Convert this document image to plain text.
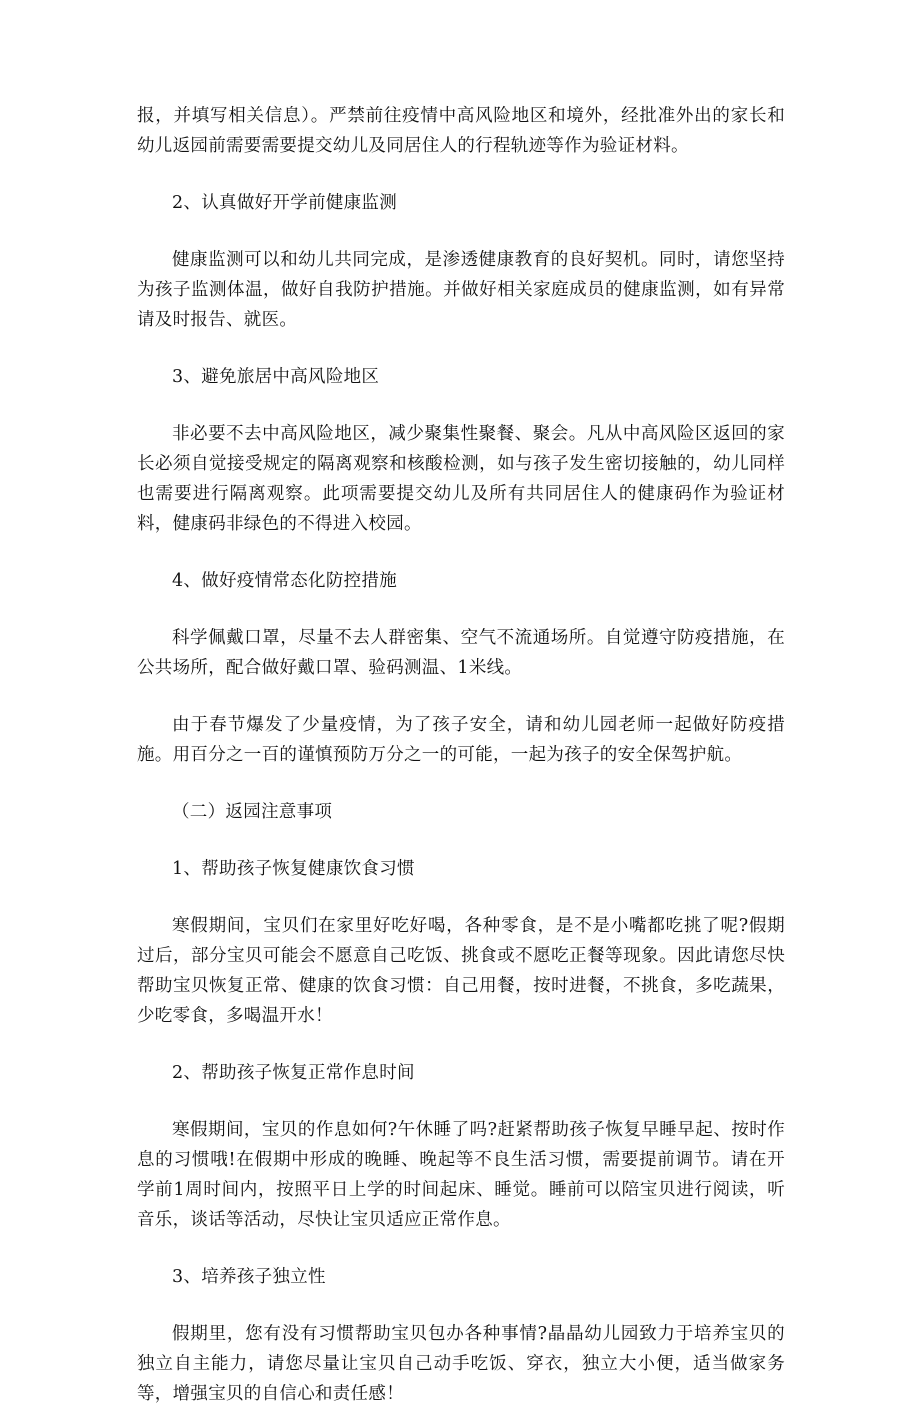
报，并填写相关信息）。严禁前往疫情中高风险地区和境外，经批准外出的家长和幼儿返园前需要需要提交幼儿及同居住人的行程轨迹等作为验证材料。

2、认真做好开学前健康监测

健康监测可以和幼儿共同完成，是渗透健康教育的良好契机。同时，请您坚持为孩子监测体温，做好自我防护措施。并做好相关家庭成员的健康监测，如有异常请及时报告、就医。

3、避免旅居中高风险地区

非必要不去中高风险地区，减少聚集性聚餐、聚会。凡从中高风险区返回的家长必须自觉接受规定的隔离观察和核酸检测，如与孩子发生密切接触的，幼儿同样也需要进行隔离观察。此项需要提交幼儿及所有共同居住人的健康码作为验证材料，健康码非绿色的不得进入校园。

4、做好疫情常态化防控措施

科学佩戴口罩，尽量不去人群密集、空气不流通场所。自觉遵守防疫措施，在公共场所，配合做好戴口罩、验码测温、1米线。

由于春节爆发了少量疫情，为了孩子安全，请和幼儿园老师一起做好防疫措施。用百分之一百的谨慎预防万分之一的可能，一起为孩子的安全保驾护航。

（二）返园注意事项

1、帮助孩子恢复健康饮食习惯

寒假期间，宝贝们在家里好吃好喝，各种零食，是不是小嘴都吃挑了呢?假期过后，部分宝贝可能会不愿意自己吃饭、挑食或不愿吃正餐等现象。因此请您尽快帮助宝贝恢复正常、健康的饮食习惯：自己用餐，按时进餐，不挑食，多吃蔬果，少吃零食，多喝温开水！

2、帮助孩子恢复正常作息时间

寒假期间，宝贝的作息如何?午休睡了吗?赶紧帮助孩子恢复早睡早起、按时作息的习惯哦!在假期中形成的晚睡、晚起等不良生活习惯，需要提前调节。请在开学前1周时间内，按照平日上学的时间起床、睡觉。睡前可以陪宝贝进行阅读，听音乐，谈话等活动，尽快让宝贝适应正常作息。

3、培养孩子独立性

假期里，您有没有习惯帮助宝贝包办各种事情?晶晶幼儿园致力于培养宝贝的独立自主能力，请您尽量让宝贝自己动手吃饭、穿衣，独立大小便，适当做家务等，增强宝贝的自信心和责任感！
